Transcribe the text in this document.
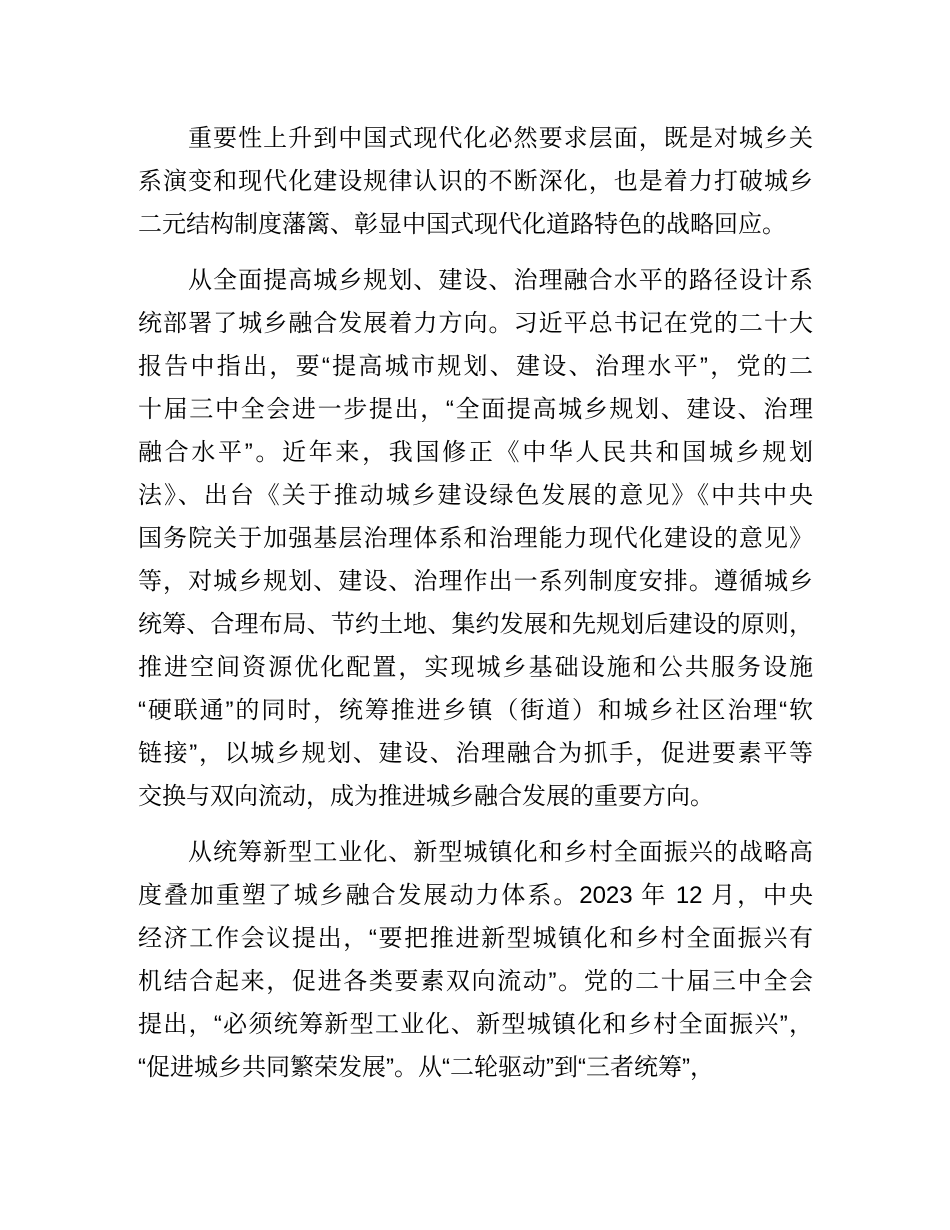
重要性上升到中国式现代化必然要求层面，既是对城乡关
系演变和现代化建设规律认识的不断深化，也是着力打破城乡
二元结构制度藩篱、彰显中国式现代化道路特色的战略回应。
从全面提高城乡规划、建设、治理融合水平的路径设计系
统部署了城乡融合发展着力方向。习近平总书记在党的二十大
报告中指出，要“提高城市规划、建设、治理水平”，党的二
十届三中全会进一步提出，“全面提高城乡规划、建设、治理
融合水平”。近年来，我国修正《中华人民共和国城乡规划
法》、出台《关于推动城乡建设绿色发展的意见》《中共中央
国务院关于加强基层治理体系和治理能力现代化建设的意见》
等，对城乡规划、建设、治理作出一系列制度安排。遵循城乡
统筹、合理布局、节约土地、集约发展和先规划后建设的原则，
推进空间资源优化配置，实现城乡基础设施和公共服务设施
“硬联通”的同时，统筹推进乡镇（街道）和城乡社区治理“软
链接”，以城乡规划、建设、治理融合为抓手，促进要素平等
交换与双向流动，成为推进城乡融合发展的重要方向。
从统筹新型工业化、新型城镇化和乡村全面振兴的战略高
度叠加重塑了城乡融合发展动力体系。2023 年 12 月，中央
经济工作会议提出，“要把推进新型城镇化和乡村全面振兴有
机结合起来，促进各类要素双向流动”。党的二十届三中全会
提出，“必须统筹新型工业化、新型城镇化和乡村全面振兴”，
“促进城乡共同繁荣发展”。从“二轮驱动”到“三者统筹”，
